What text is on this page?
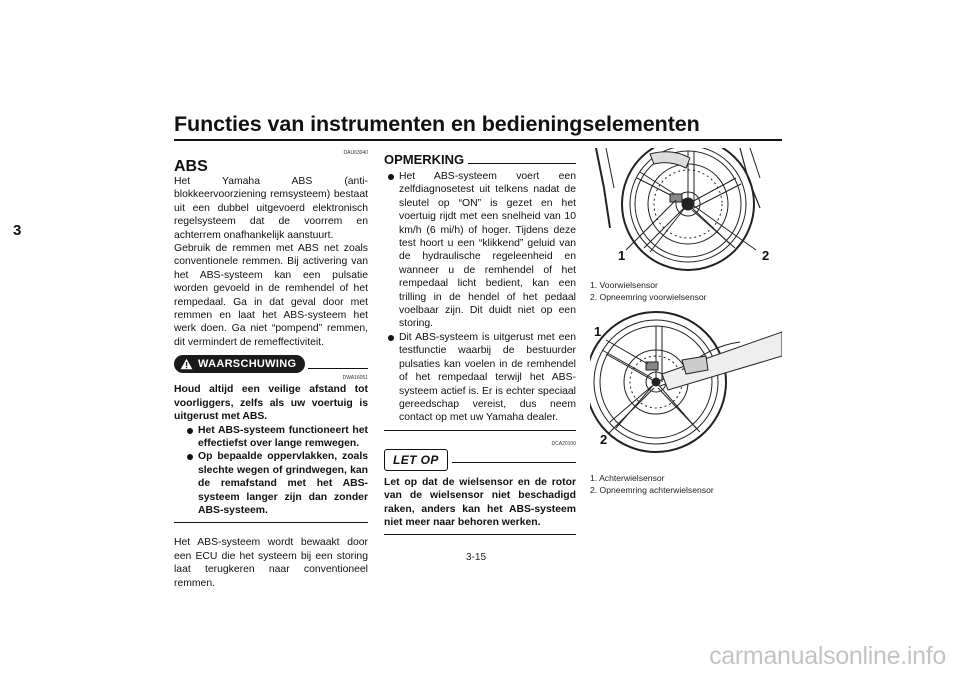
Functies van instrumenten en bedieningselementen
3
DAU63040
ABS

Het Yamaha ABS (anti-blokkeervoorziening remsysteem) bestaat uit een dubbel uitgevoerd elektronisch regelsysteem dat de voorrem en achterrem onafhankelijk aanstuurt.

Gebruik de remmen met ABS net zoals conventionele remmen. Bij activering van het ABS-systeem kan een pulsatie worden gevoeld in de remhendel of het rempedaal. Ga in dat geval door met remmen en laat het ABS-systeem het werk doen. Ga niet “pompend” remmen, dit vermindert de remeffectiviteit.

WAARSCHUWING
DWA16051

Houd altijd een veilige afstand tot voorliggers, zelfs als uw voertuig is uitgerust met ABS.

Het ABS-systeem functioneert het effectiefst over lange remwegen.
Op bepaalde oppervlakken, zoals slechte wegen of grindwegen, kan de remafstand met het ABS-systeem langer zijn dan zonder ABS-systeem.

Het ABS-systeem wordt bewaakt door een ECU die het systeem bij een storing laat terugkeren naar conventioneel remmen.

OPMERKING
Het ABS-systeem voert een zelfdiagnosetest uit telkens nadat de sleutel op “ON” is gezet en het voertuig rijdt met een snelheid van 10 km/h (6 mi/h) of hoger. Tijdens deze test hoort u een “klikkend” geluid van de hydraulische regeleenheid en wanneer u de remhendel of het rempedaal licht bedient, kan een trilling in de hendel of het pedaal voelbaar zijn. Dit duidt niet op een storing.
Dit ABS-systeem is uitgerust met een testfunctie waarbij de bestuurder pulsaties kan voelen in de remhendel of het rempedaal terwijl het ABS-systeem actief is. Er is echter speciaal gereedschap vereist, dus neem contact op met uw Yamaha dealer.
DCA20100
LET OP

Let op dat de wielsensor en de rotor van de wielsensor niet beschadigd raken, anders kan het ABS-systeem niet meer naar behoren werken.

1	2

1. Voorwielsensor

2. Opneemring voorwielsensor

1
2

1. Achterwielsensor

2. Opneemring achterwielsensor

3-15
carmanualsonline.info
